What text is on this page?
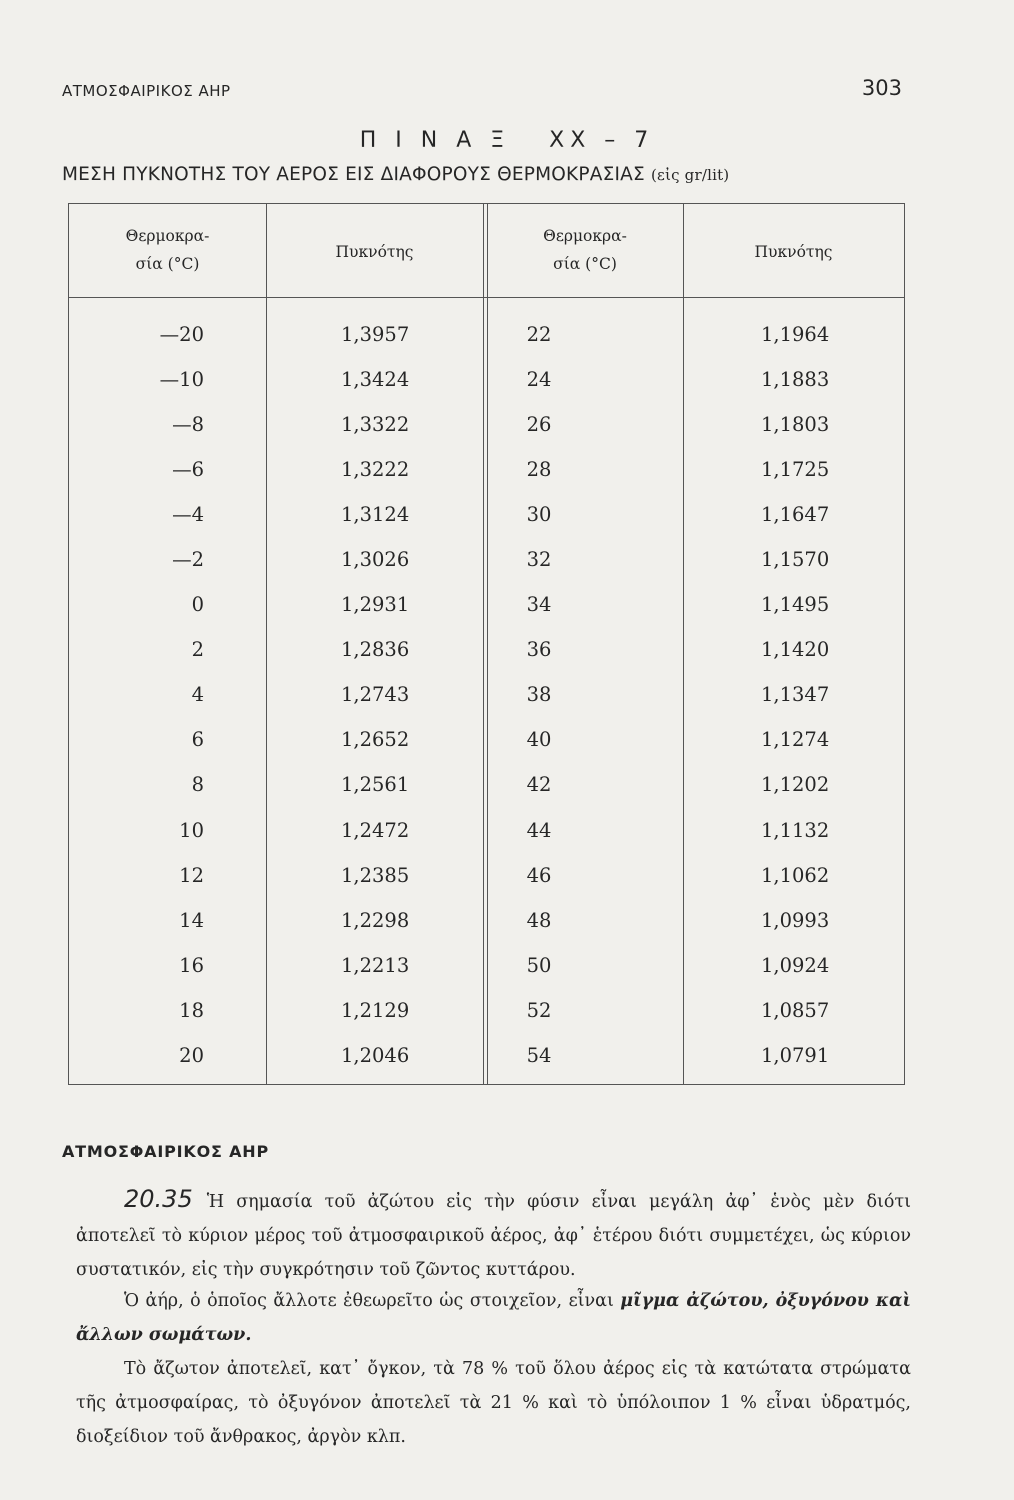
ΑΤΜΟΣΦΑΙΡΙΚΟΣ ΑΗΡ	303
Π Ι Ν Α Ξ   ΧΧ – 7
ΜΕΣΗ ΠΥΚΝΟΤΗΣ ΤΟΥ ΑΕΡΟΣ ΕΙΣ ΔΙΑΦΟΡΟΥΣ ΘΕΡΜΟΚΡΑΣΙΑΣ (εἰς gr/lit)
Θερμοκρα-
σία (°C)
Πυκνότης
Θερμοκρα-
σία (°C)
Πυκνότης
—20
—10
—8
—6
—4
—2
0
2
4
6
8
10
12
14
16
18
20
1,3957
1,3424
1,3322
1,3222
1,3124
1,3026
1,2931
1,2836
1,2743
1,2652
1,2561
1,2472
1,2385
1,2298
1,2213
1,2129
1,2046
22
24
26
28
30
32
34
36
38
40
42
44
46
48
50
52
54
1,1964
1,1883
1,1803
1,1725
1,1647
1,1570
1,1495
1,1420
1,1347
1,1274
1,1202
1,1132
1,1062
1,0993
1,0924
1,0857
1,0791
ΑΤΜΟΣΦΑΙΡΙΚΟΣ ΑΗΡ
20.35 Ἡ σημασία τοῦ ἀζώτου εἰς τὴν φύσιν εἶναι μεγάλη ἀφ᾽ ἑνὸς μὲν διότι ἀποτελεῖ τὸ κύριον μέρος τοῦ ἀτμοσφαιρικοῦ ἀέρος, ἀφ᾽ ἑτέρου διότι συμμετέχει, ὡς κύριον συστατικόν, εἰς τὴν συγκρότησιν τοῦ ζῶντος κυττάρου.
Ὁ ἀήρ, ὁ ὁποῖος ἄλλοτε ἐθεωρεῖτο ὡς στοιχεῖον, εἶναι μῖγμα ἀζώτου, ὀξυγόνου καὶ ἄλλων σωμάτων.
Τὸ ἄζωτον ἀποτελεῖ, κατ᾽ ὄγκον, τὰ 78 % τοῦ ὅλου ἀέρος εἰς τὰ κατώτατα στρώματα τῆς ἀτμοσφαίρας, τὸ ὀξυγόνον ἀποτελεῖ τὰ 21 % καὶ τὸ ὑπόλοιπον 1 % εἶναι ὑδρατμός, διοξείδιον τοῦ ἄνθρακος, ἀργὸν κλπ.
